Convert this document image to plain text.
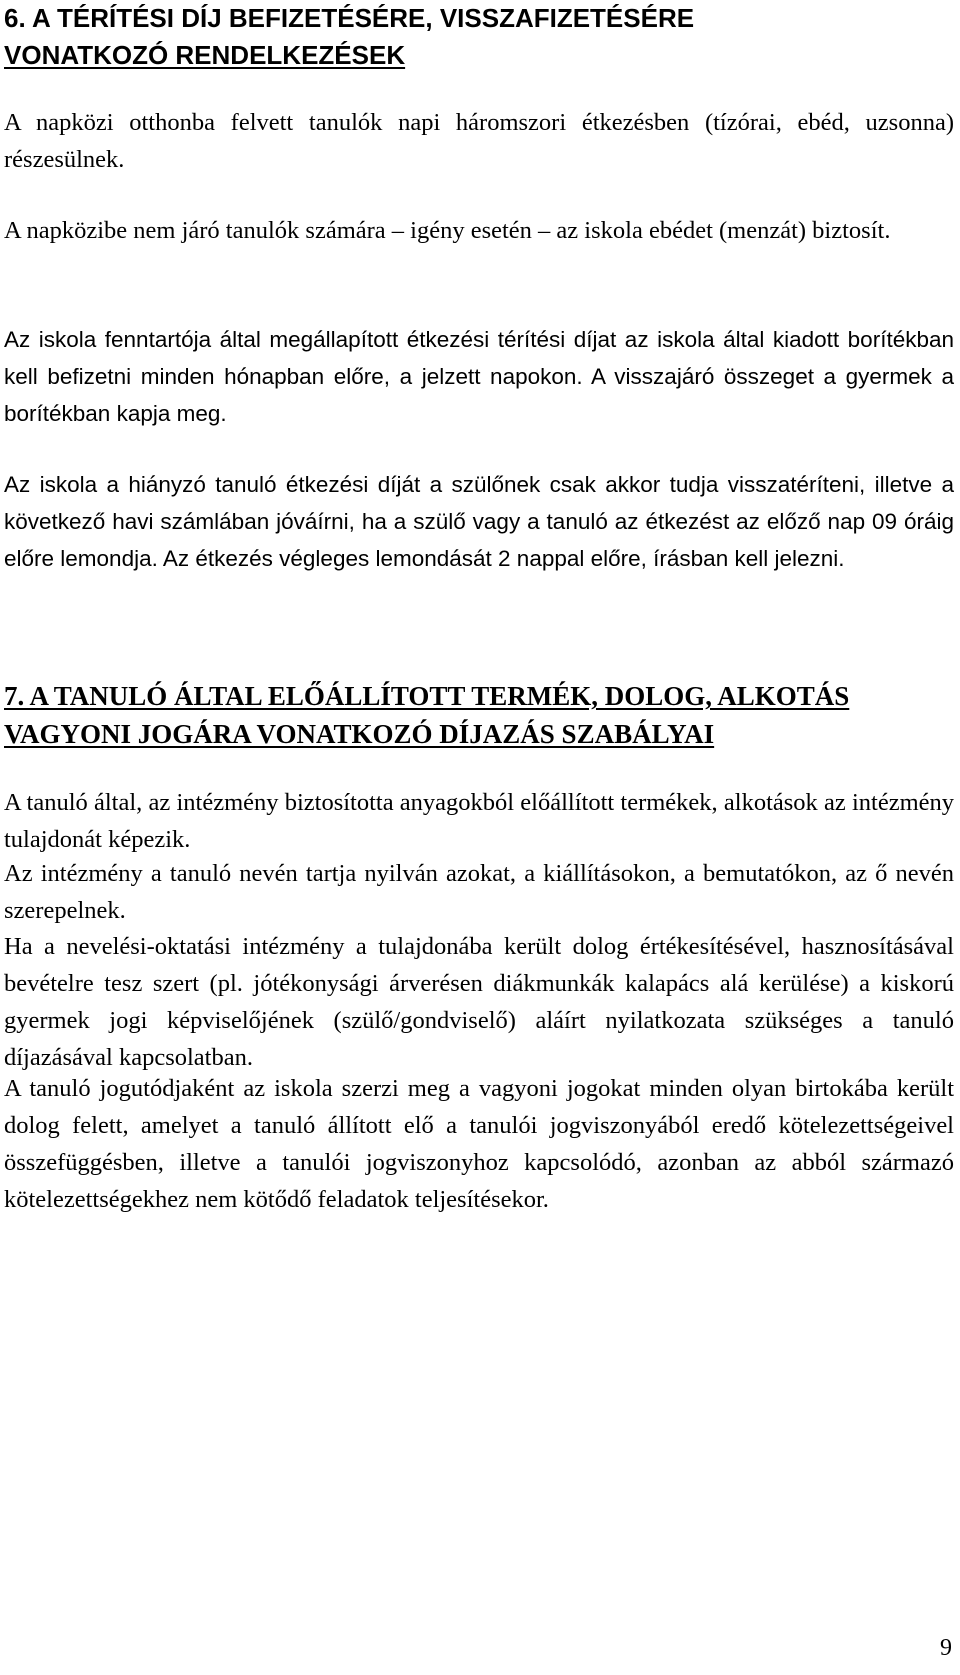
6. A TÉRÍTÉSI DÍJ BEFIZETÉSÉRE, VISSZAFIZETÉSÉRE
VONATKOZÓ RENDELKEZÉSEK

A napközi otthonba felvett tanulók napi háromszori étkezésben (tízórai, ebéd, uzsonna) részesülnek.

A napközibe nem járó tanulók számára – igény esetén – az iskola ebédet (menzát) biztosít.

Az iskola fenntartója által megállapított étkezési térítési díjat az iskola által kiadott borítékban kell befizetni minden hónapban előre, a jelzett napokon. A visszajáró összeget a gyermek a borítékban kapja meg.

Az iskola a hiányzó tanuló étkezési díját a szülőnek csak akkor tudja visszatéríteni, illetve a következő havi számlában jóváírni, ha a szülő vagy a tanuló az étkezést az előző nap 09 óráig előre lemondja. Az étkezés végleges lemondását 2 nappal előre, írásban kell jelezni.

7. A TANULÓ ÁLTAL ELŐÁLLÍTOTT TERMÉK, DOLOG, ALKOTÁS
VAGYONI JOGÁRA VONATKOZÓ DÍJAZÁS SZABÁLYAI

A tanuló által, az intézmény biztosította anyagokból előállított termékek, alkotások az intézmény tulajdonát képezik.

Az intézmény a tanuló nevén tartja nyilván azokat, a kiállításokon, a bemutatókon, az ő nevén szerepelnek.

Ha a nevelési-oktatási intézmény a tulajdonába került dolog értékesítésével, hasznosításával bevételre tesz szert (pl. jótékonysági árverésen diákmunkák kalapács alá kerülése) a kiskorú gyermek jogi képviselőjének (szülő/gondviselő) aláírt nyilatkozata szükséges a tanuló díjazásával kapcsolatban.

A tanuló jogutódjaként az iskola szerzi meg a vagyoni jogokat minden olyan birtokába került dolog felett, amelyet a tanuló állított elő a tanulói jogviszonyából eredő kötelezettségeivel összefüggésben, illetve a tanulói jogviszonyhoz kapcsolódó, azonban az abból származó kötelezettségekhez nem kötődő feladatok teljesítésekor.

9
